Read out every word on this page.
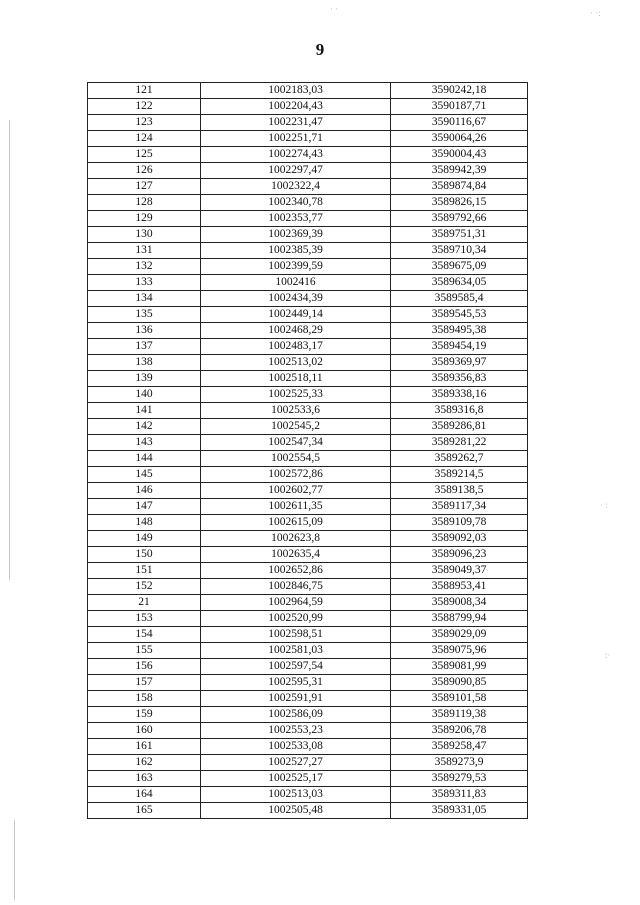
9
· ·	· ·:
· :
:·
121	1002183,03	3590242,18
122	1002204,43	3590187,71
123	1002231,47	3590116,67
124	1002251,71	3590064,26
125	1002274,43	3590004,43
126	1002297,47	3589942,39
127	1002322,4	3589874,84
128	1002340,78	3589826,15
129	1002353,77	3589792,66
130	1002369,39	3589751,31
131	1002385,39	3589710,34
132	1002399,59	3589675,09
133	1002416	3589634,05
134	1002434,39	3589585,4
135	1002449,14	3589545,53
136	1002468,29	3589495,38
137	1002483,17	3589454,19
138	1002513,02	3589369,97
139	1002518,11	3589356,83
140	1002525,33	3589338,16
141	1002533,6	3589316,8
142	1002545,2	3589286,81
143	1002547,34	3589281,22
144	1002554,5	3589262,7
145	1002572,86	3589214,5
146	1002602,77	3589138,5
147	1002611,35	3589117,34
148	1002615,09	3589109,78
149	1002623,8	3589092,03
150	1002635,4	3589096,23
151	1002652,86	3589049,37
152	1002846,75	3588953,41
21	1002964,59	3589008,34
153	1002520,99	3588799,94
154	1002598,51	3589029,09
155	1002581,03	3589075,96
156	1002597,54	3589081,99
157	1002595,31	3589090,85
158	1002591,91	3589101,58
159	1002586,09	3589119,38
160	1002553,23	3589206,78
161	1002533,08	3589258,47
162	1002527,27	3589273,9
163	1002525,17	3589279,53
164	1002513,03	3589311,83
165	1002505,48	3589331,05
